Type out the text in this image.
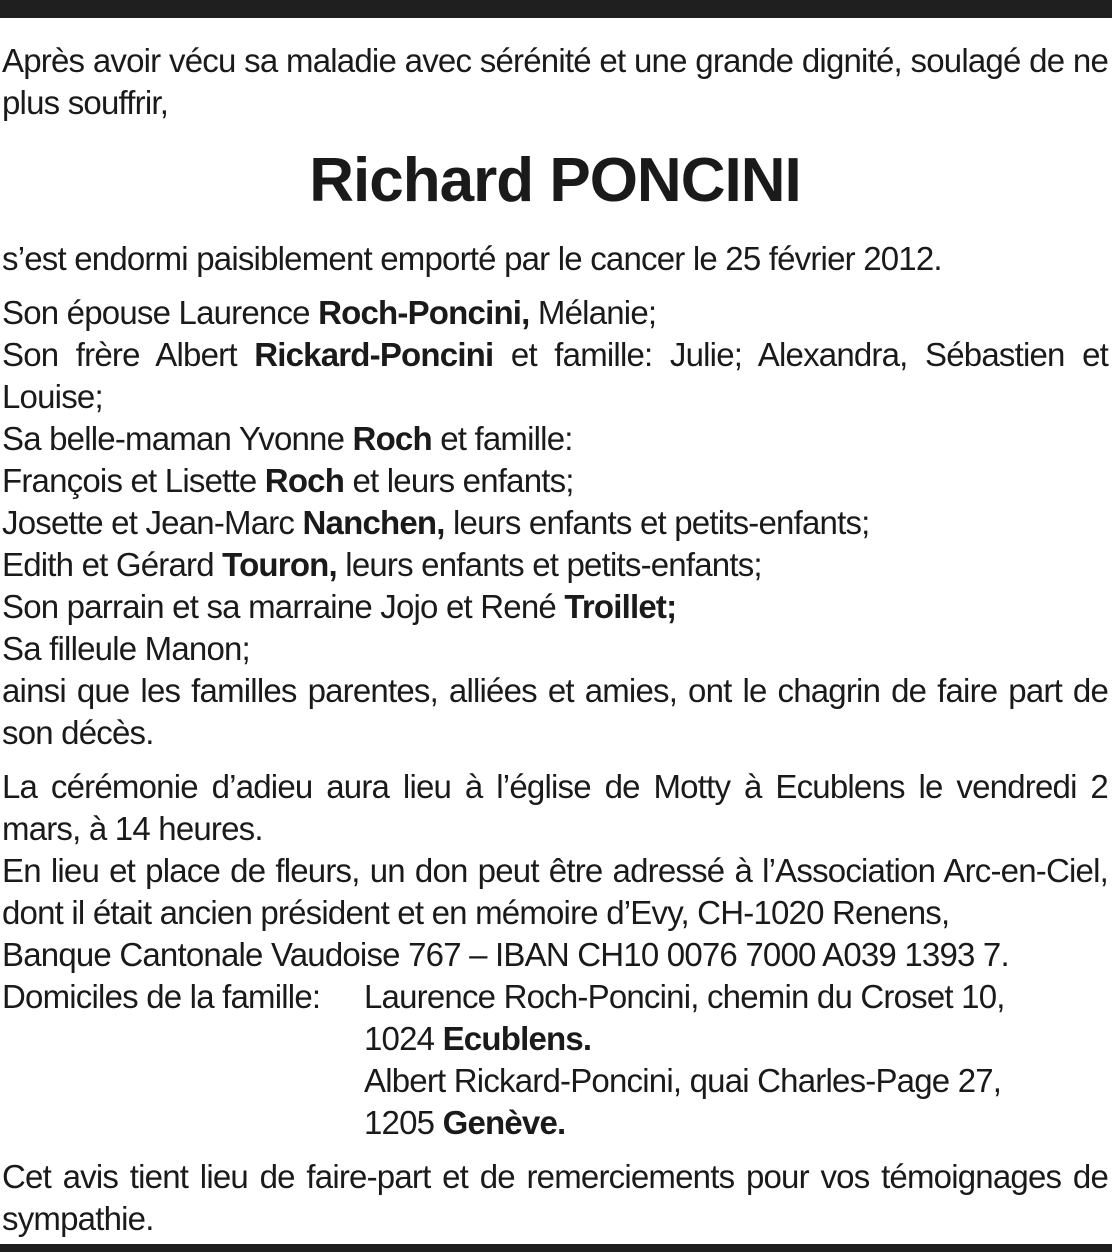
Après avoir vécu sa maladie avec sérénité et une grande dignité, soulagé de ne plus souffrir,

Richard PONCINI

s’est endormi paisiblement emporté par le cancer le 25 février 2012.

Son épouse Laurence Roch-Poncini, Mélanie;

Son frère Albert Rickard-Poncini et famille: Julie; Alexandra, Sébastien et Louise;

Sa belle-maman Yvonne Roch et famille:

François et Lisette Roch et leurs enfants;

Josette et Jean-Marc Nanchen, leurs enfants et petits-enfants;

Edith et Gérard Touron, leurs enfants et petits-enfants;

Son parrain et sa marraine Jojo et René Troillet;

Sa filleule Manon;

ainsi que les familles parentes, alliées et amies, ont le chagrin de faire part de son décès.

La cérémonie d’adieu aura lieu à l’église de Motty à Ecublens le vendredi 2 mars, à 14 heures.

En lieu et place de fleurs, un don peut être adressé à l’Association Arc-en-Ciel, dont il était ancien président et en mémoire d’Evy, CH-1020 Renens,

Banque Cantonale Vaudoise 767 – IBAN CH10 0076 7000 A039 1393 7.

Domiciles de la famille:	Laurence Roch-Poncini, chemin du Croset 10,

1024 Ecublens.

Albert Rickard-Poncini, quai Charles-Page 27,

1205 Genève.

Cet avis tient lieu de faire-part et de remerciements pour vos témoignages de sympathie.
